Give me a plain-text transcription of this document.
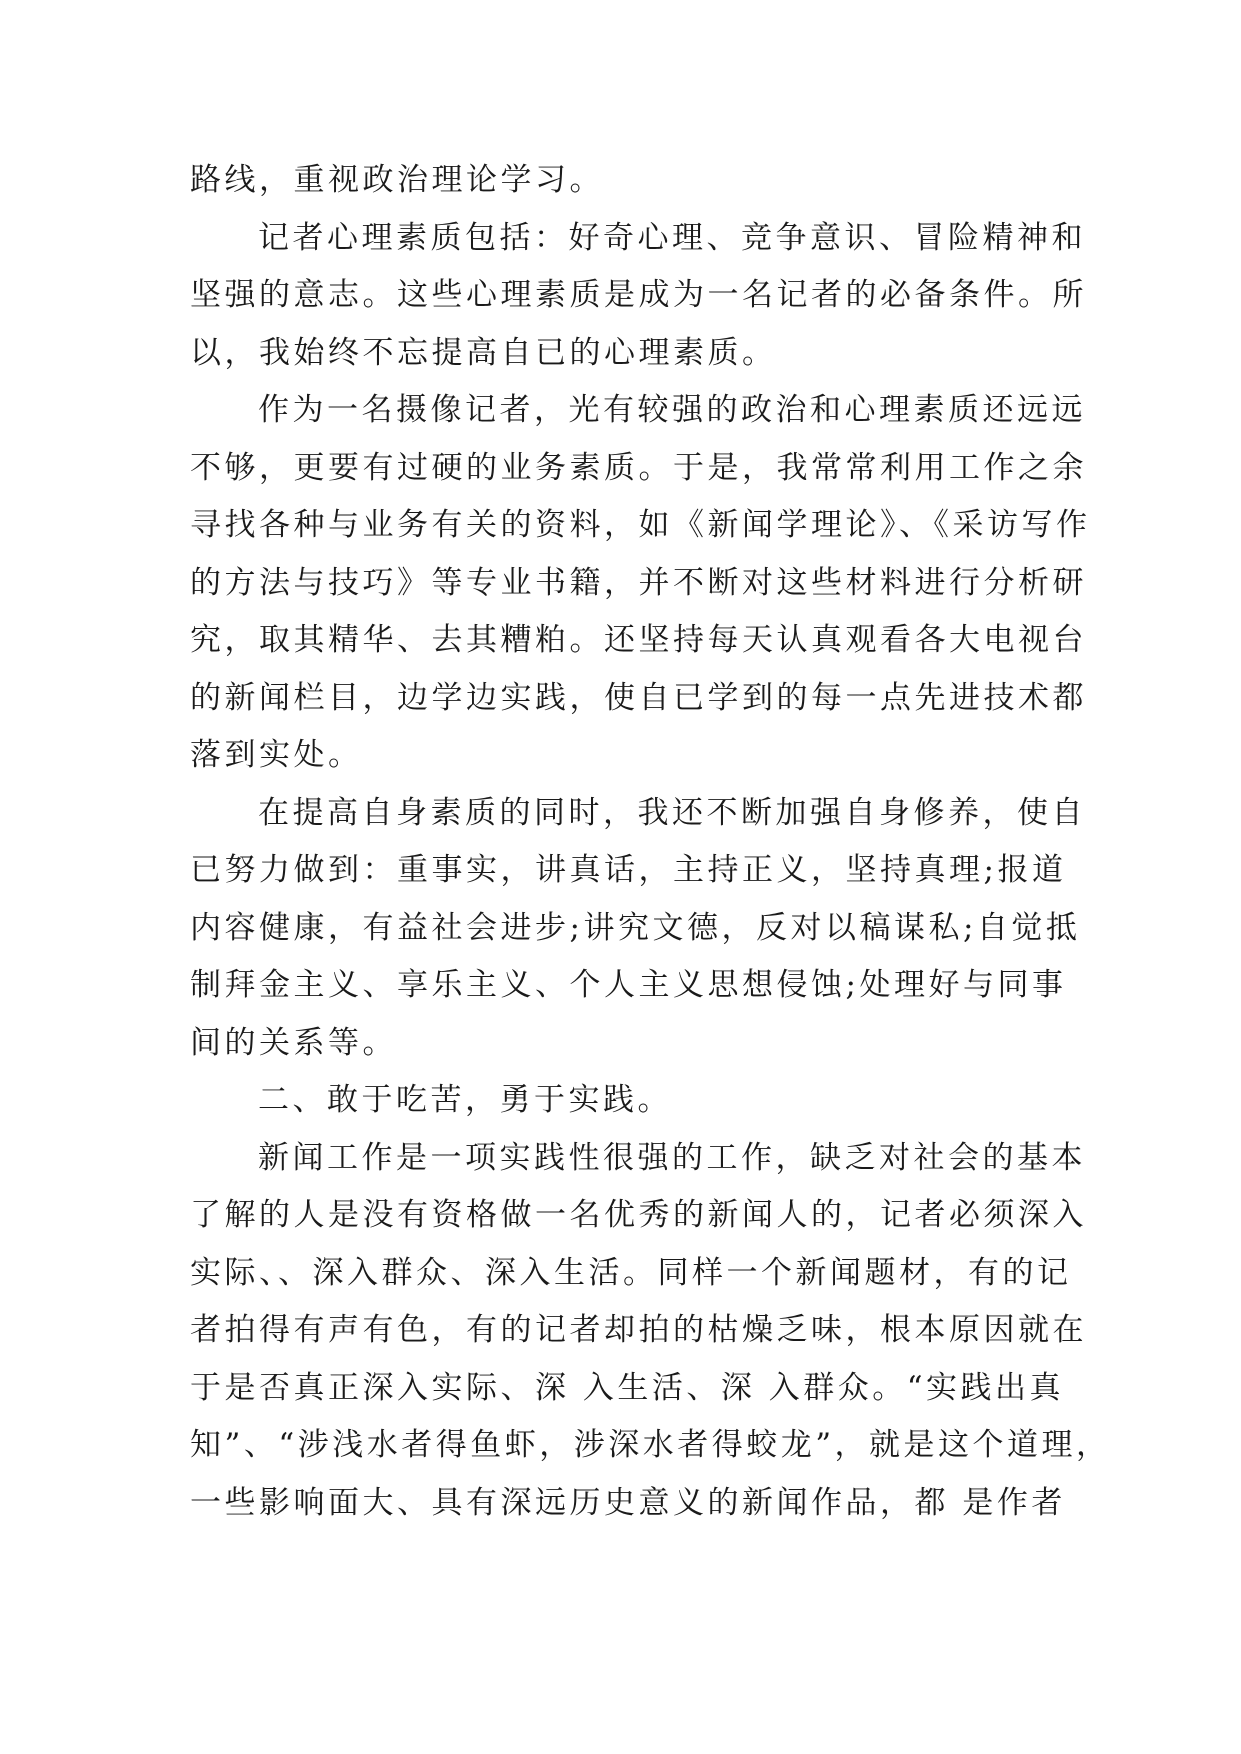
路线，重视政治理论学习。
记者心理素质包括：好奇心理、竞争意识、冒险精神和
坚强的意志。这些心理素质是成为一名记者的必备条件。所
以，我始终不忘提高自已的心理素质。
作为一名摄像记者，光有较强的政治和心理素质还远远
不够，更要有过硬的业务素质。于是，我常常利用工作之余
寻找各种与业务有关的资料，如《新闻学理论》、《采访写作
的方法与技巧》等专业书籍，并不断对这些材料进行分析研
究，取其精华、去其糟粕。还坚持每天认真观看各大电视台
的新闻栏目，边学边实践，使自已学到的每一点先进技术都
落到实处。
在提高自身素质的同时，我还不断加强自身修养，使自
已努力做到：重事实，讲真话，主持正义，坚持真理;报道
内容健康，有益社会进步;讲究文德，反对以稿谋私;自觉抵
制拜金主义、享乐主义、个人主义思想侵蚀;处理好与同事
间的关系等。
二、敢于吃苦，勇于实践。
新闻工作是一项实践性很强的工作，缺乏对社会的基本
了解的人是没有资格做一名优秀的新闻人的，记者必须深入
实际、、深入群众、深入生活。同样一个新闻题材，有的记
者拍得有声有色，有的记者却拍的枯燥乏味，根本原因就在
于是否真正深入实际、深 入生活、深 入群众。“实践出真
知”、“涉浅水者得鱼虾，涉深水者得蛟龙”，就是这个道理，
一些影响面大、具有深远历史意义的新闻作品，都 是作者
